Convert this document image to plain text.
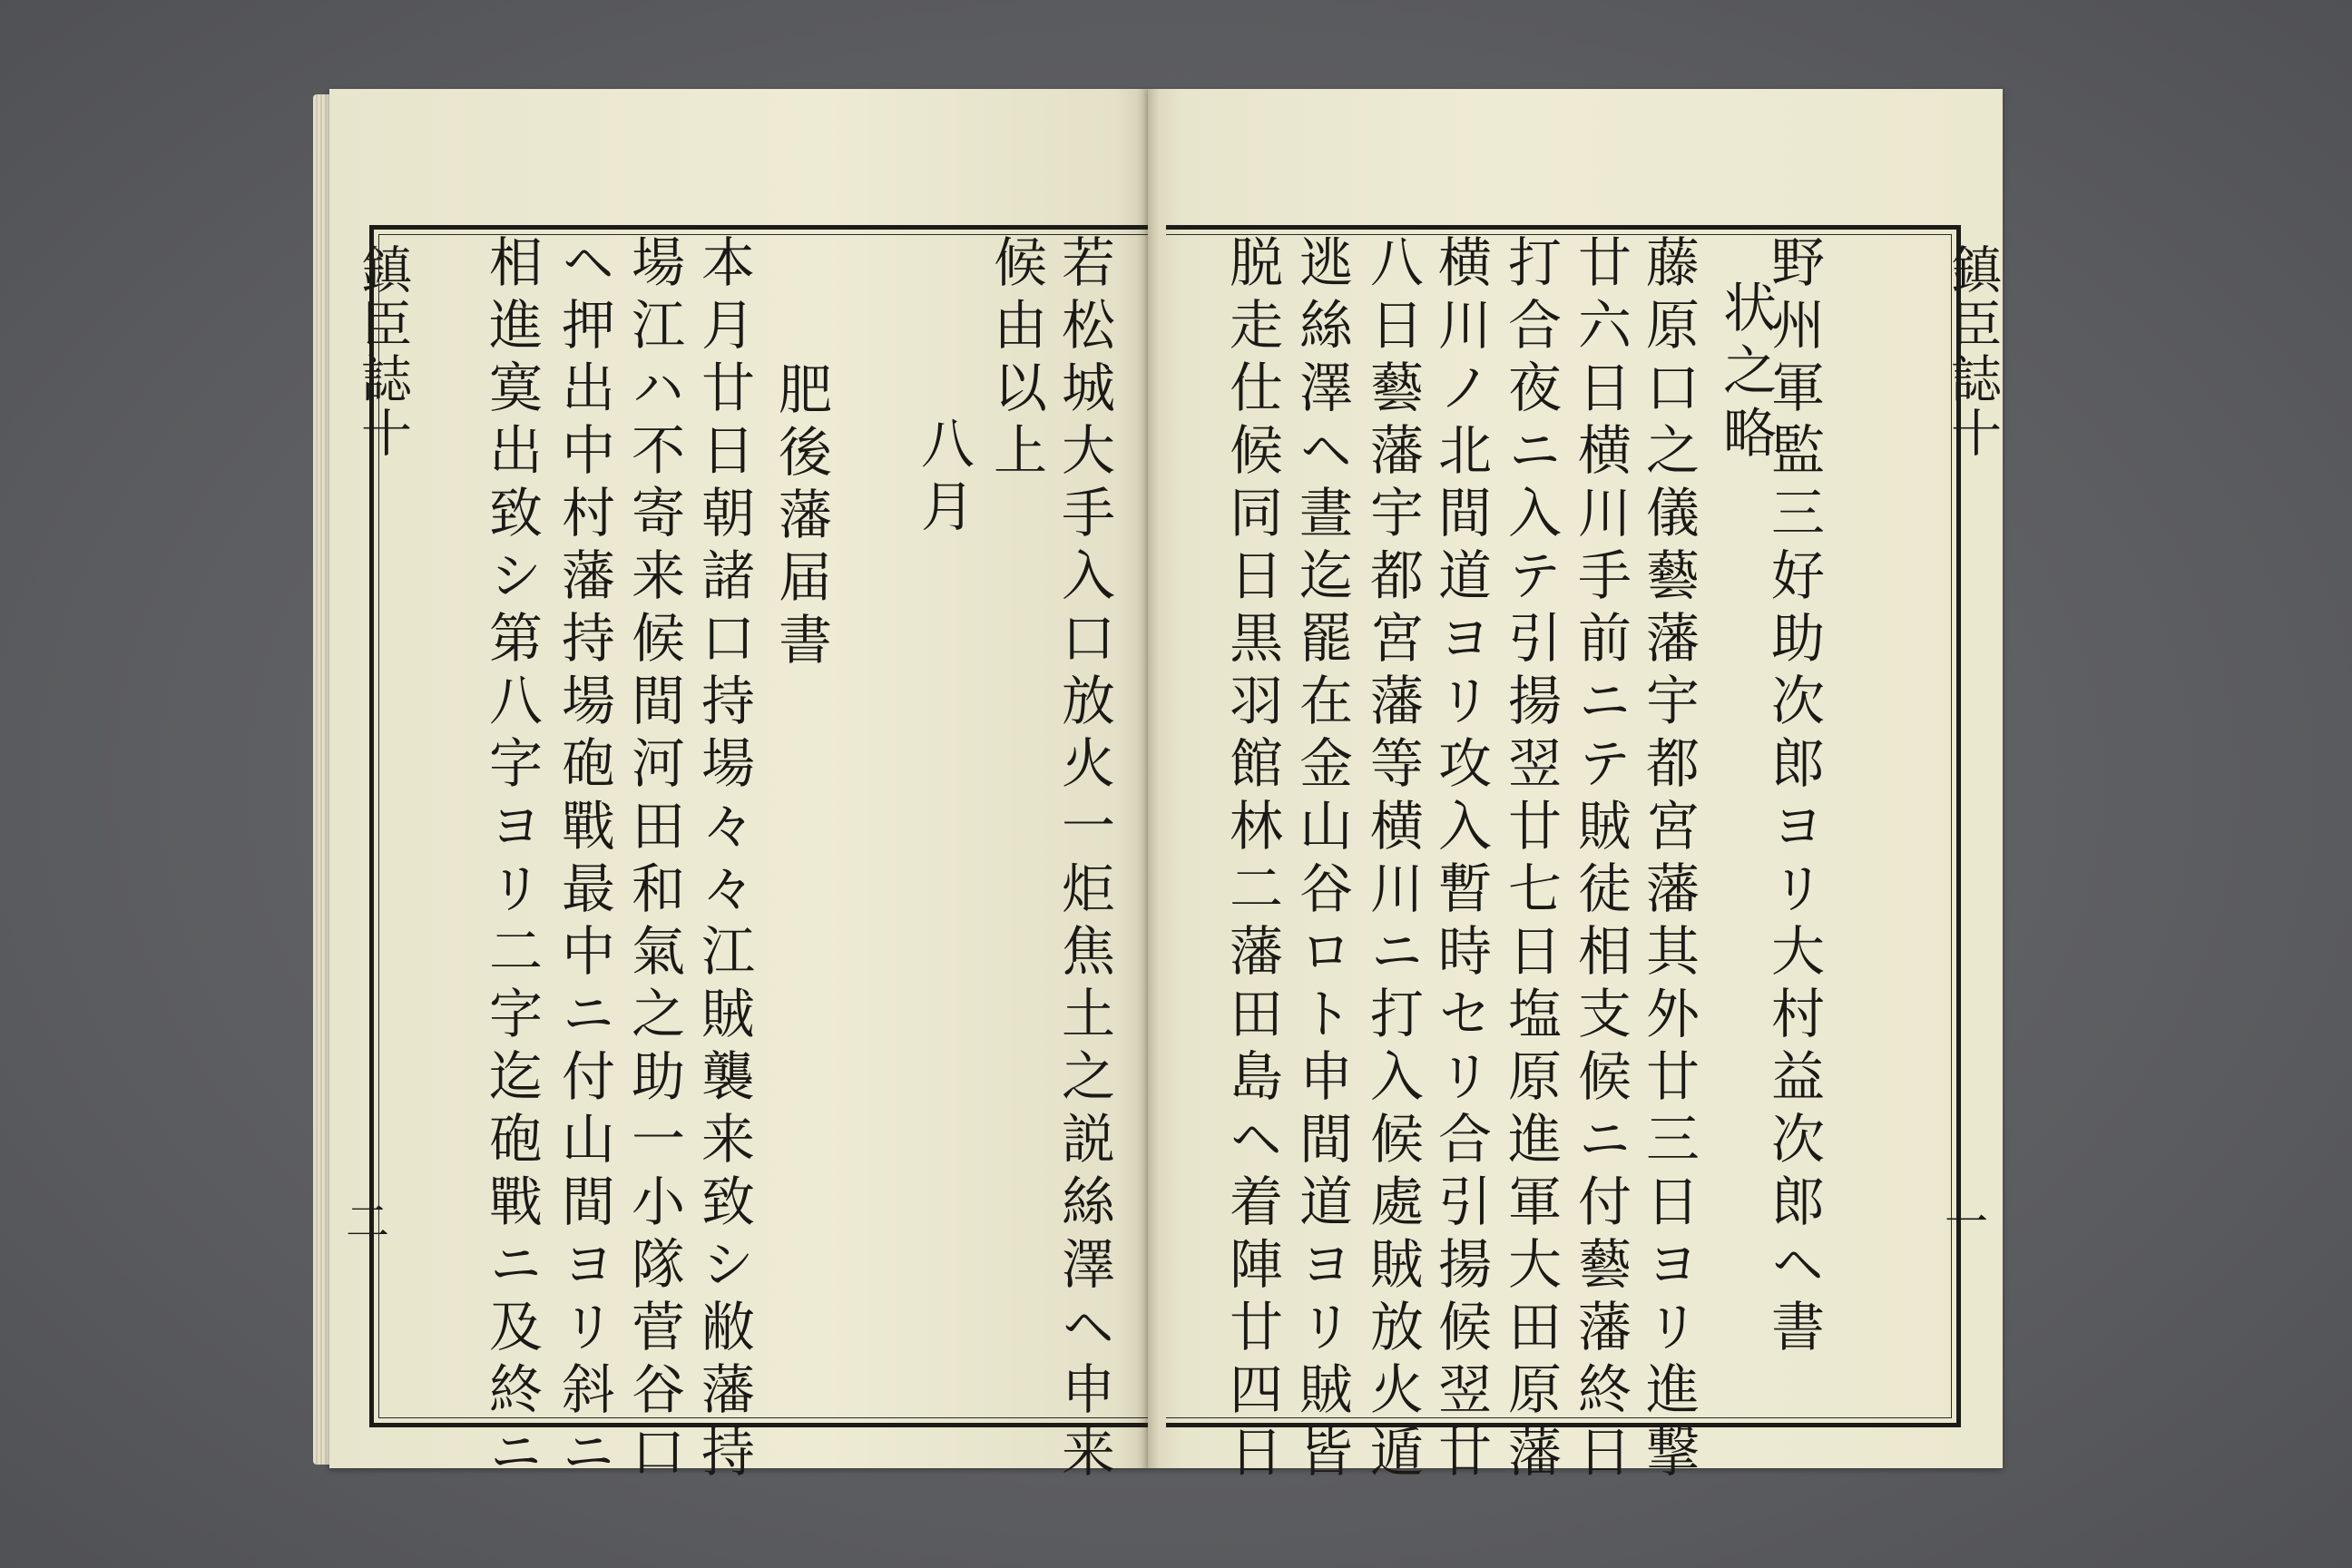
鎮臣誌十
二
鎮臣誌十
一
野州軍監三好助次郎ヨリ大村益次郎ヘ書
状之略
藤原口之儀藝藩宇都宮藩其外廿三日ヨリ進撃
廿六日横川手前ニテ賊徒相支候ニ付藝藩終日
打合夜ニ入テ引揚翌廿七日塩原進軍大田原藩
横川ノ北間道ヨリ攻入暫時セリ合引揚候翌廿
八日藝藩宇都宮藩等横川ニ打入候處賊放火遁
逃絲澤ヘ晝迄罷在金山谷ロト申間道ヨリ賊皆
脱走仕候同日黒羽館林二藩田島ヘ着陣廿四日
若松城大手入口放火一炬焦土之説絲澤ヘ申来
候由以上
八月
肥後藩届書
本月廿日朝諸口持場々々江賊襲来致シ敝藩持
場江ハ不寄来候間河田和氣之助一小隊菅谷口
ヘ押出中村藩持場砲戰最中ニ付山間ヨリ斜ニ
相進寞出致シ第八字ヨリ二字迄砲戰ニ及終ニ
